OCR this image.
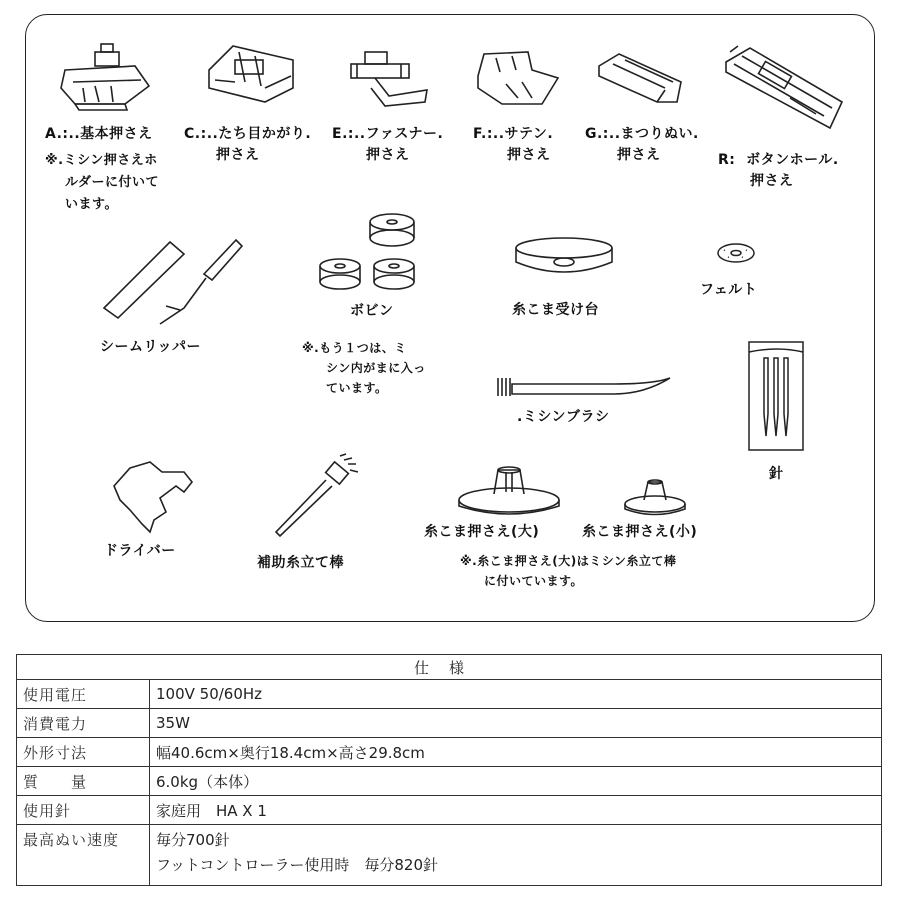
A.:..基本押さえ
※.ミシン押さえホ
ルダーに付いて
います。
C.:..たち目かがり.
押さえ
E.:..ファスナー.
押さえ
F.:..サテン.
押さえ
G.:..まつりぬい.
押さえ	R:  ボタンホール.
押さえ
シームリッパー
ボビン
※.もう１つは、ミ
シン内がまに入っ
ています。
糸こま受け台
フェルト
針
.ミシンブラシ
ドライバー
補助糸立て棒
糸こま押さえ(大)	糸こま押さえ(小)
※.糸こま押さえ(大)はミシン糸立て棒
に付いています。
仕様	
使用電圧	100V 50/60Hz
消費電力	35W
外形寸法	幅40.6cm×奥行18.4cm×高さ29.8cm
質　　量	6.0kg（本体）
使用針	家庭用　HA X 1
最高ぬい速度	毎分700針
フットコントローラー使用時　毎分820針
